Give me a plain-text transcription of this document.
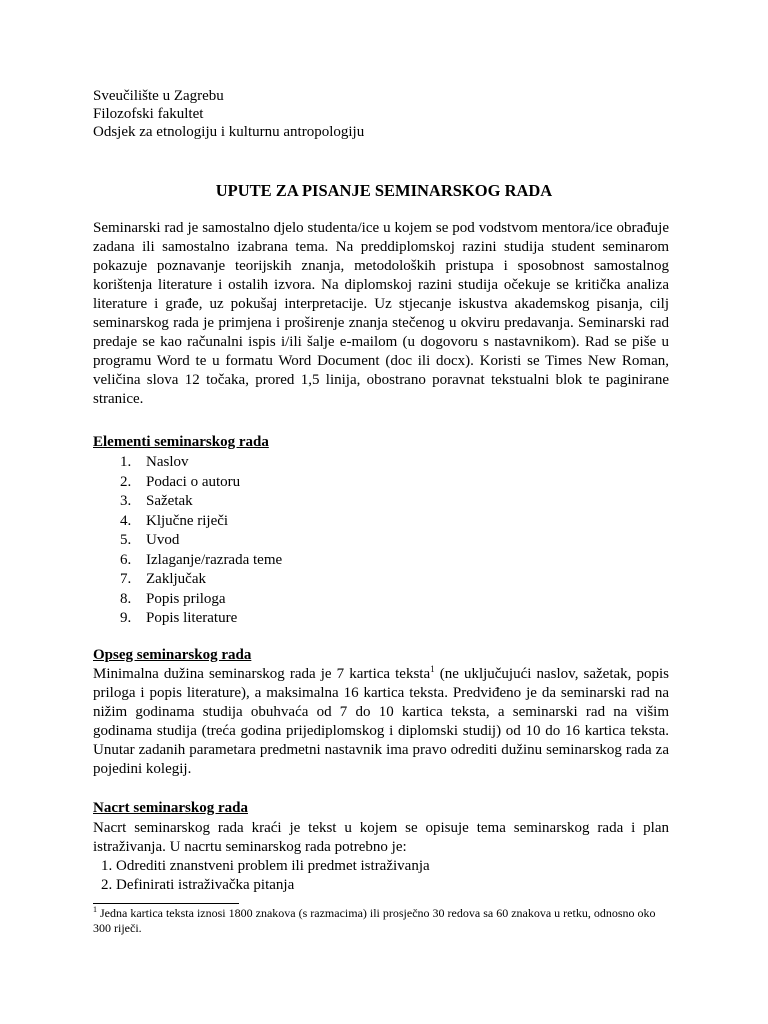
Sveučilište u Zagrebu
Filozofski fakultet
Odsjek za etnologiju i kulturnu antropologiju
UPUTE ZA PISANJE SEMINARSKOG RADA
Seminarski rad je samostalno djelo studenta/ice u kojem se pod vodstvom mentora/ice obrađuje zadana ili samostalno izabrana tema. Na preddiplomskoj razini studija student seminarom pokazuje poznavanje teorijskih znanja, metodoloških pristupa i sposobnost samostalnog korištenja literature i ostalih izvora. Na diplomskoj razini studija očekuje se kritička analiza literature i građe, uz pokušaj interpretacije. Uz stjecanje iskustva akademskog pisanja, cilj seminarskog rada je primjena i proširenje znanja stečenog u okviru predavanja. Seminarski rad predaje se kao računalni ispis i/ili šalje e-mailom (u dogovoru s nastavnikom). Rad se piše u programu Word te u formatu Word Document (doc ili docx). Koristi se Times New Roman, veličina slova 12 točaka, prored 1,5 linija, obostrano poravnat tekstualni blok te paginirane stranice.
Elementi seminarskog rada
1. Naslov
2. Podaci o autoru
3. Sažetak
4. Ključne riječi
5. Uvod
6. Izlaganje/razrada teme
7. Zaključak
8. Popis priloga
9. Popis literature
Opseg seminarskog rada
Minimalna dužina seminarskog rada je 7 kartica teksta$^1$ (ne uključujući naslov, sažetak, popis priloga i popis literature), a maksimalna 16 kartica teksta. Predviđeno je da seminarski rad na nižim godinama studija obuhvaća od 7 do 10 kartica teksta, a seminarski rad na višim godinama studija (treća godina prijediplomskog i diplomski studij) od 10 do 16 kartica teksta. Unutar zadanih parametara predmetni nastavnik ima pravo odrediti dužinu seminarskog rada za pojedini kolegij.
Nacrt seminarskog rada
Nacrt seminarskog rada kraći je tekst u kojem se opisuje tema seminarskog rada i plan istraživanja. U nacrtu seminarskog rada potrebno je:
1. Odrediti znanstveni problem ili predmet istraživanja
2. Definirati istraživačka pitanja
$^1$ Jedna kartica teksta iznosi 1800 znakova (s razmacima) ili prosječno 30 redova sa 60 znakova u retku, odnosno oko 300 riječi.
